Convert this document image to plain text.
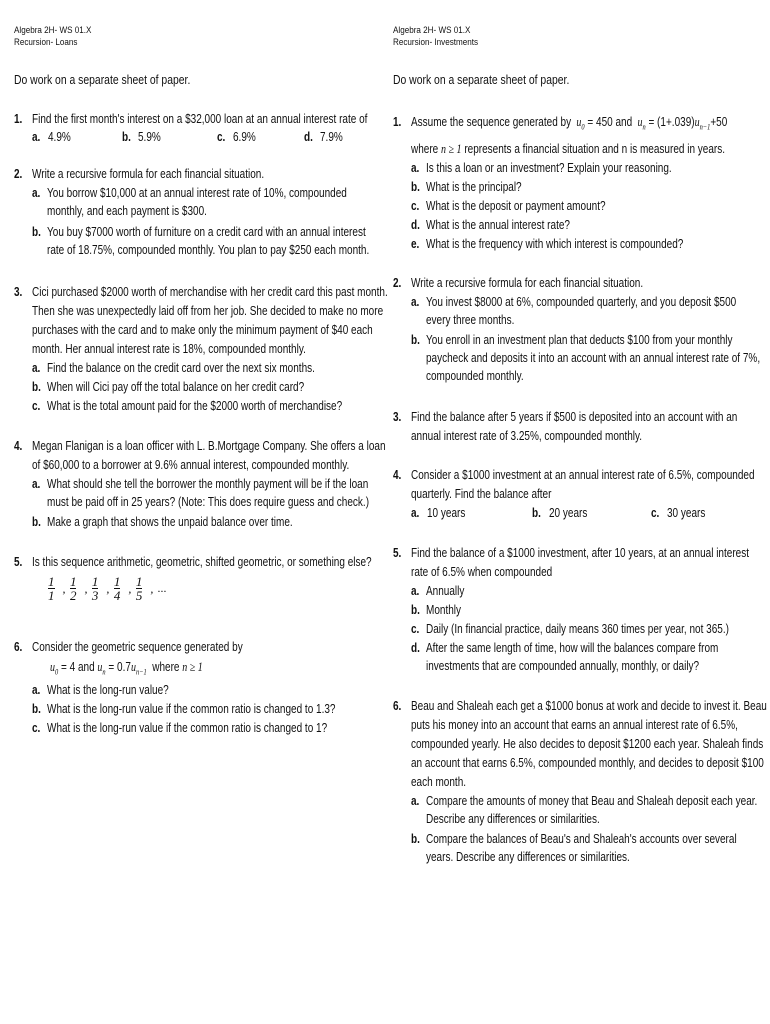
Algebra 2H- WS 01.X
Recursion- Loans
Do work on a separate sheet of paper.
1. Find the first month's interest on a $32,000 loan at an annual interest rate of
a. 4.9%	b. 5.9%	c. 6.9%	d. 7.9%
2. Write a recursive formula for each financial situation.
a. You borrow $10,000 at an annual interest rate of 10%, compounded
monthly, and each payment is $300.
b. You buy $7000 worth of furniture on a credit card with an annual interest
rate of 18.75%, compounded monthly. You plan to pay $250 each month.
3. Cici purchased $2000 worth of merchandise with her credit card this past month.
Then she was unexpectedly laid off from her job. She decided to make no more
purchases with the card and to make only the minimum payment of $40 each
month. Her annual interest rate is 18%, compounded monthly.
a. Find the balance on the credit card over the next six months.
b. When will Cici pay off the total balance on her credit card?
c. What is the total amount paid for the $2000 worth of merchandise?
4. Megan Flanigan is a loan officer with L. B.Mortgage Company. She offers a loan
of $60,000 to a borrower at 9.6% annual interest, compounded monthly.
a. What should she tell the borrower the monthly payment will be if the loan
must be paid off in 25 years? (Note: This does require guess and check.)
b. Make a graph that shows the unpaid balance over time.
5. Is this sequence arithmetic, geometric, shifted geometric, or something else?
$\frac{1}{1}$ , $\frac{1}{2}$ , $\frac{1}{3}$ , $\frac{1}{4}$ , $\frac{1}{5}$ , ...
6. Consider the geometric sequence generated by
$u_0 = 4$ and $u_n = 0.7u_{n-1}$ where n ≥ 1
a. What is the long-run value?
b. What is the long-run value if the common ratio is changed to 1.3?
c. What is the long-run value if the common ratio is changed to 1?
Algebra 2H- WS 01.X
Recursion- Investments
Do work on a separate sheet of paper.
1. Assume the sequence generated by  $u_0 = 450$ and  $u_n = (1+.039)u_{n-1}+50$
where n ≥ 1 represents a financial situation and n is measured in years.
a. Is this a loan or an investment? Explain your reasoning.
b. What is the principal?
c. What is the deposit or payment amount?
d. What is the annual interest rate?
e. What is the frequency with which interest is compounded?
2. Write a recursive formula for each financial situation.
a. You invest $8000 at 6%, compounded quarterly, and you deposit $500
every three months.
b. You enroll in an investment plan that deducts $100 from your monthly
paycheck and deposits it into an account with an annual interest rate of 7%,
compounded monthly.
3. Find the balance after 5 years if $500 is deposited into an account with an
annual interest rate of 3.25%, compounded monthly.
4. Consider a $1000 investment at an annual interest rate of 6.5%, compounded
quarterly. Find the balance after
a. 10 years	b. 20 years	c. 30 years
5. Find the balance of a $1000 investment, after 10 years, at an annual interest
rate of 6.5% when compounded
a. Annually
b. Monthly
c. Daily (In financial practice, daily means 360 times per year, not 365.)
d. After the same length of time, how will the balances compare from
investments that are compounded annually, monthly, or daily?
6. Beau and Shaleah each get a $1000 bonus at work and decide to invest it. Beau
puts his money into an account that earns an annual interest rate of 6.5%,
compounded yearly. He also decides to deposit $1200 each year. Shaleah finds
an account that earns 6.5%, compounded monthly, and decides to deposit $100
each month.
a. Compare the amounts of money that Beau and Shaleah deposit each year.
Describe any differences or similarities.
b. Compare the balances of Beau's and Shaleah's accounts over several
years. Describe any differences or similarities.
